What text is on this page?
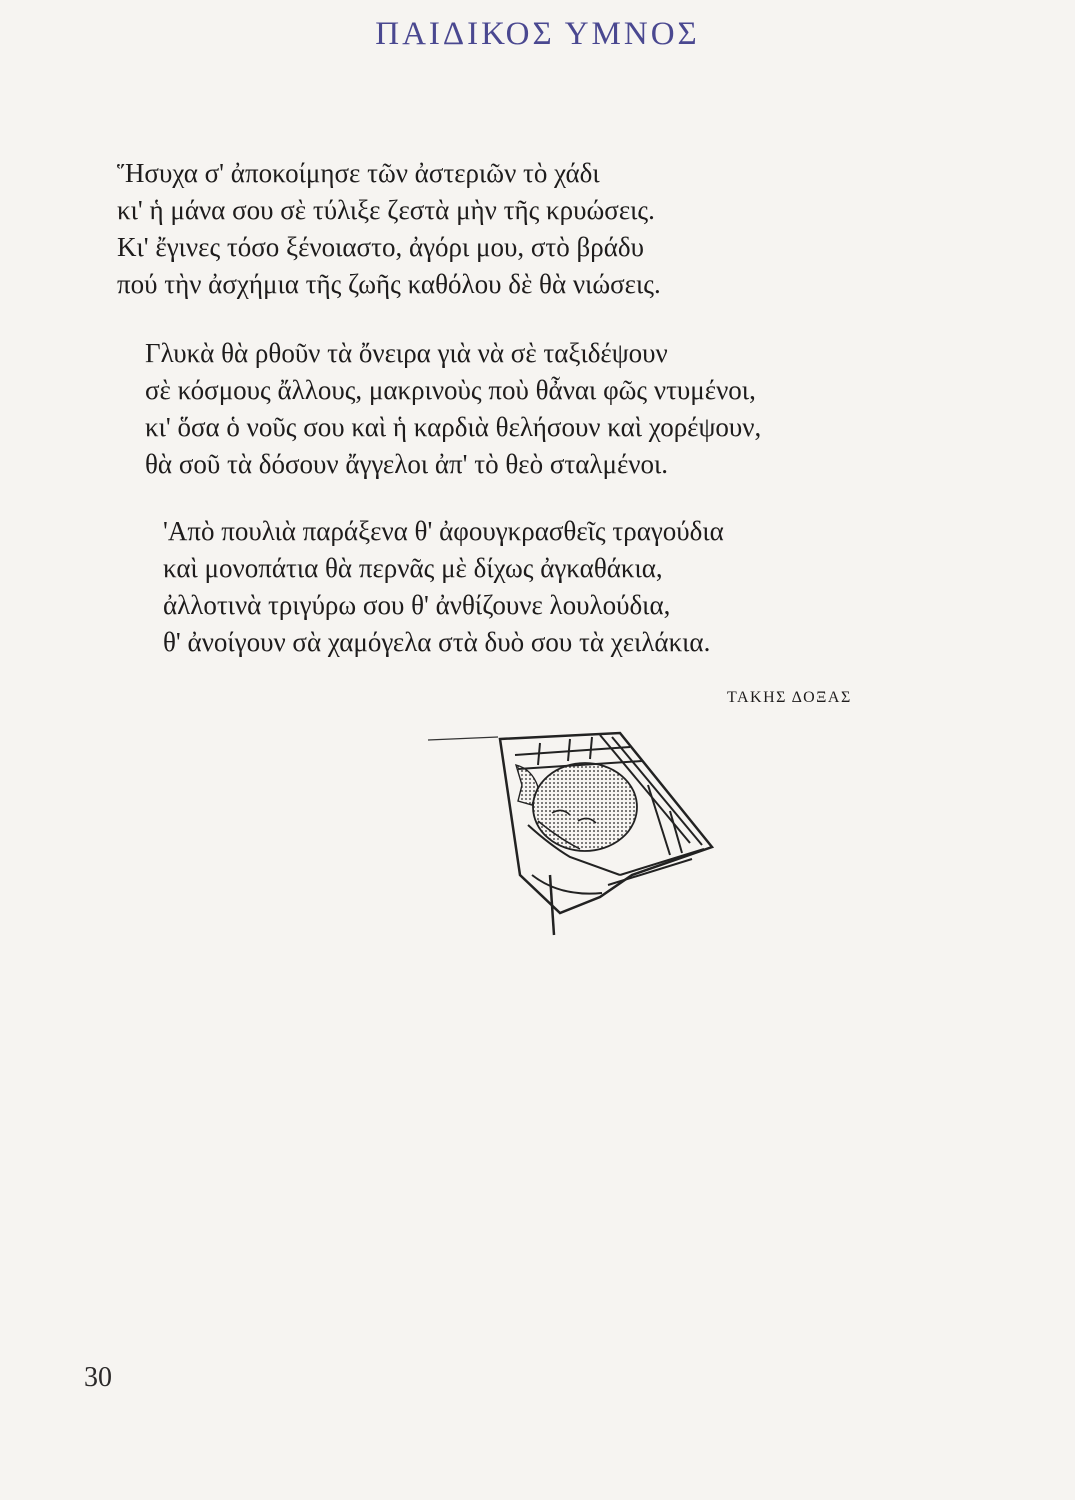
ΠΑΙΔΙΚΟΣ ΥΜΝΟΣ
Ἥσυχα σ' ἀποκοίμησε τῶν ἀστεριῶν τὸ χάδι
κι' ἡ μάνα σου σὲ τύλιξε ζεστὰ μὴν τῆς κρυώσεις.
Κι' ἔγινες τόσο ξένοιαστο, ἀγόρι μου, στὸ βράδυ
πού τὴν ἀσχήμια τῆς ζωῆς καθόλου δὲ θὰ νιώσεις.
Γλυκὰ θὰ ρθοῦν τὰ ὄνειρα γιὰ νὰ σὲ ταξιδέψουν
σὲ κόσμους ἄλλους, μακρινοὺς ποὺ θἆναι φῶς ντυμένοι,
κι' ὅσα ὁ νοῦς σου καὶ ἡ καρδιὰ θελήσουν καὶ χορέψουν,
θὰ σοῦ τὰ δόσουν ἄγγελοι ἀπ' τὸ θεὸ σταλμένοι.
'Απὸ πουλιὰ παράξενα θ' ἀφουγκρασθεῖς τραγούδια
καὶ μονοπάτια θὰ περνᾶς μὲ δίχως ἀγκαθάκια,
ἀλλοτινὰ τριγύρω σου θ' ἀνθίζουνε λουλούδια,
θ' ἀνοίγουν σὰ χαμόγελα στὰ δυὸ σου τὰ χειλάκια.
ΤΑΚΗΣ ΔΟΞΑΣ
30
